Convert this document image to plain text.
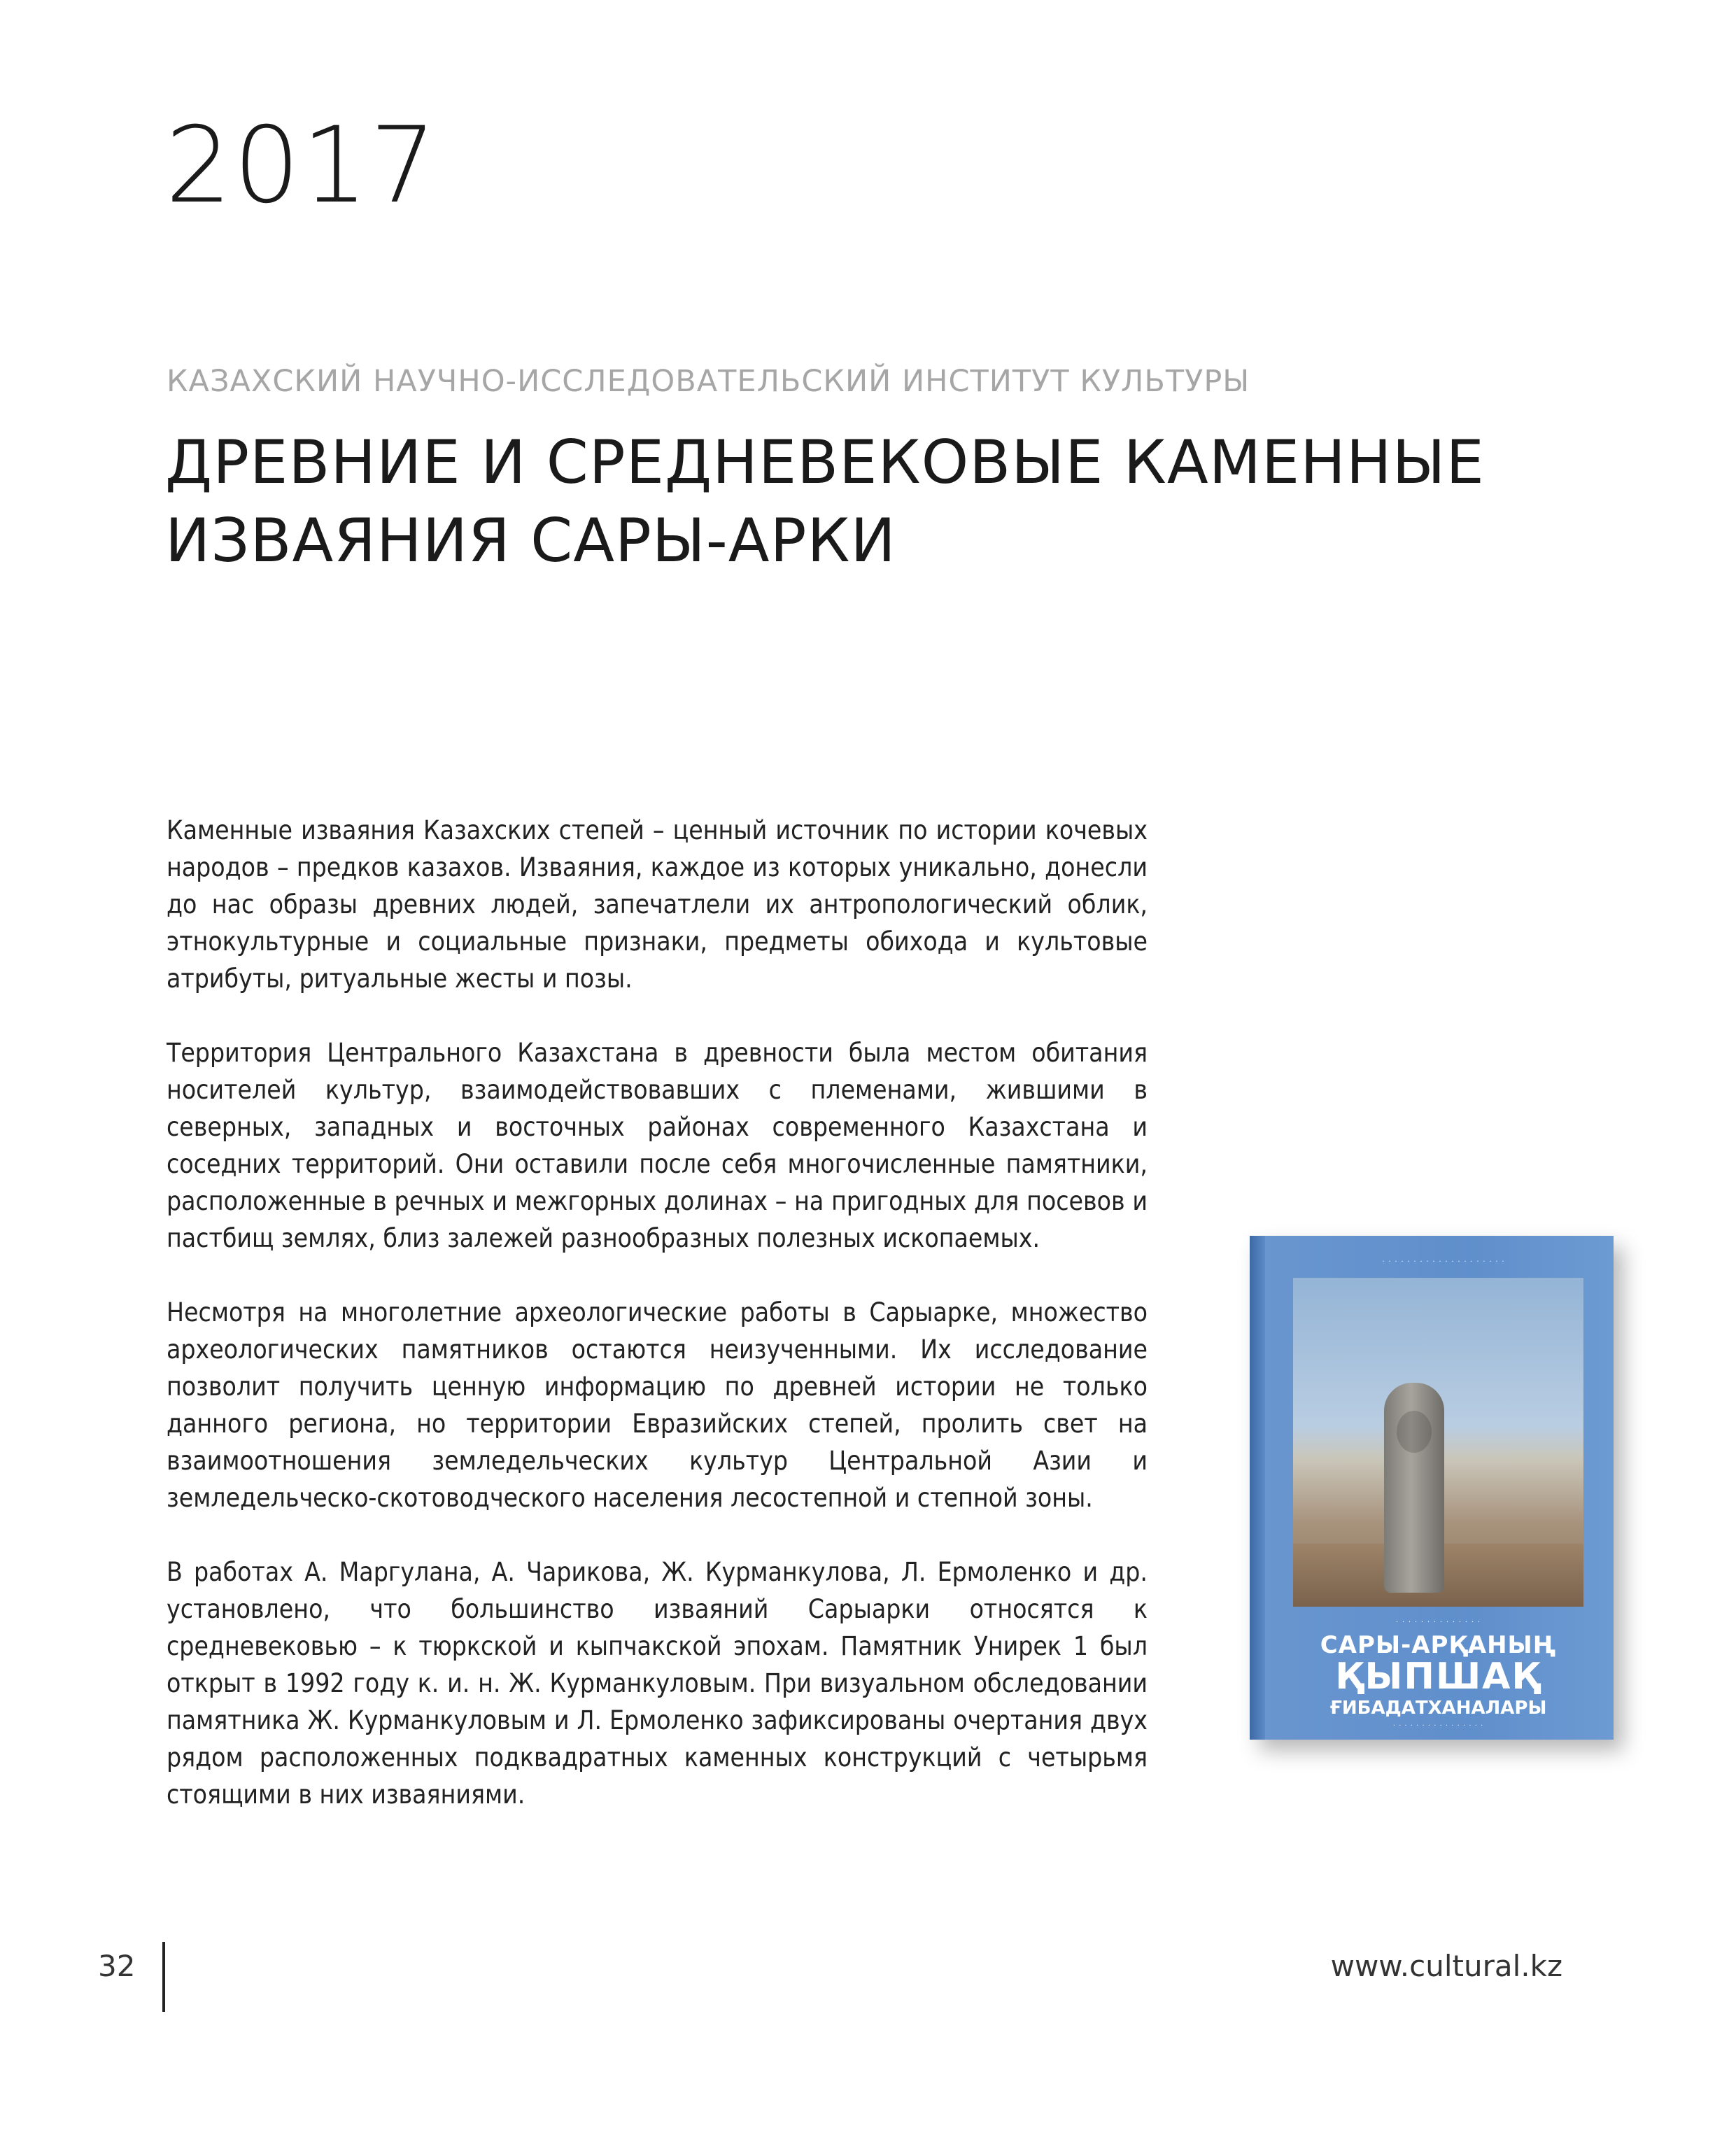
2017
КАЗАХСКИЙ НАУЧНО-ИССЛЕДОВАТЕЛЬСКИЙ ИНСТИТУТ КУЛЬТУРЫ
ДРЕВНИЕ И СРЕДНЕВЕКОВЫЕ КАМЕННЫЕ
ИЗВАЯНИЯ САРЫ-АРКИ

Каменные изваяния Казахских степей – ценный источник по истории кочевых народов – предков казахов. Изваяния, каждое из которых уникально, донесли до нас образы древних людей, запечатлели их антропологический облик, этнокультурные и социальные признаки, предметы обихода и культовые атрибуты, ритуальные жесты и позы.

Территория Центрального Казахстана в древности была местом обитания носителей культур, взаимодействовавших с племенами, жившими в северных, западных и восточных районах современного Казахстана и соседних территорий. Они оставили после себя многочисленные памятники, расположенные в речных и межгорных долинах – на пригодных для посевов и пастбищ землях, близ залежей разнообразных полезных ископаемых.

Несмотря на многолетние археологические работы в Сарыарке, множество археологических памятников остаются неизученными. Их исследование позволит получить ценную информацию по древней истории не только данного региона, но территории Евразийских степей, пролить свет на взаимоотношения земледельческих культур Центральной Азии и земледельческо-скотоводческого населения лесостепной и степной зоны.

В работах А. Маргулана, А. Чарикова, Ж. Курманкулова, Л. Ермоленко и др. установлено, что большинство изваяний Сарыарки относятся к средневековью – к тюркской и кыпчакской эпохам. Памятник Унирек 1 был открыт в 1992 году к. и. н. Ж. Курманкуловым. При визуальном обследовании памятника Ж. Курманкуловым и Л. Ермоленко зафиксированы очертания двух рядом расположенных подквадратных каменных конструкций с четырьмя стоящими в них изваяниями.

· · · · · · · · · · · · · · · · · · · ·
· · · · · · · · · · · · · ·
САРЫ-АРҚАНЫҢ
ҚЫПШАҚ
ҒИБАДАТХАНАЛАРЫ
· · · · · · · · · · · · · · · ·
32	www.cultural.kz
